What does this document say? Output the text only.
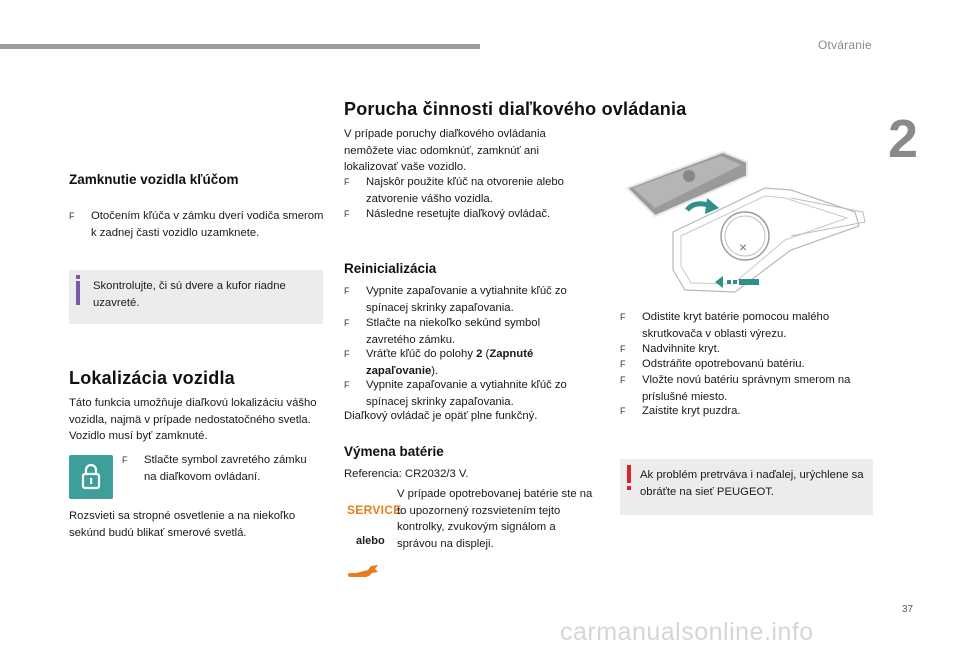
Otváranie
2
Zamknutie vozidla kľúčom
F	Otočením kľúča v zámku dverí vodiča smerom k zadnej časti vozidlo uzamknete.
Skontrolujte, či sú dvere a kufor riadne uzavreté.
Lokalizácia vozidla
Táto funkcia umožňuje diaľkovú lokalizáciu vášho vozidla, najmä v prípade nedostatočného svetla. Vozidlo musí byť zamknuté.
F	Stlačte symbol zavretého zámku na diaľkovom ovládaní.
Rozsvieti sa stropné osvetlenie a na niekoľko sekúnd budú blikať smerové svetlá.
Porucha činnosti diaľkového ovládania
V prípade poruchy diaľkového ovládania nemôžete viac odomknúť, zamknúť ani lokalizovať vaše vozidlo.
F	Najskôr použite kľúč na otvorenie alebo zatvorenie vášho vozidla.
F	Následne resetujte diaľkový ovládač.
Reinicializácia
F	Vypnite zapaľovanie a vytiahnite kľúč zo spínacej skrinky zapaľovania.
F	Stlačte na niekoľko sekúnd symbol zavretého zámku.
F	Vráťte kľúč do polohy 2 (Zapnuté zapaľovanie).
F	Vypnite zapaľovanie a vytiahnite kľúč zo spínacej skrinky zapaľovania.
Diaľkový ovládač je opäť plne funkčný.
Výmena batérie
Referencia: CR2032/3 V.
SERVICE
alebo
V prípade opotrebovanej batérie ste na to upozornený rozsvietením tejto kontrolky, zvukovým signálom a správou na displeji.
×
F	Odistite kryt batérie pomocou malého skrutkovača v oblasti výrezu.
F	Nadvihnite kryt.
F	Odstráňte opotrebovanú batériu.
F	Vložte novú batériu správnym smerom na príslušné miesto.
F	Zaistite kryt puzdra.
Ak problém pretrváva i naďalej, urýchlene sa obráťte na sieť PEUGEOT.
37
carmanualsonline.info
